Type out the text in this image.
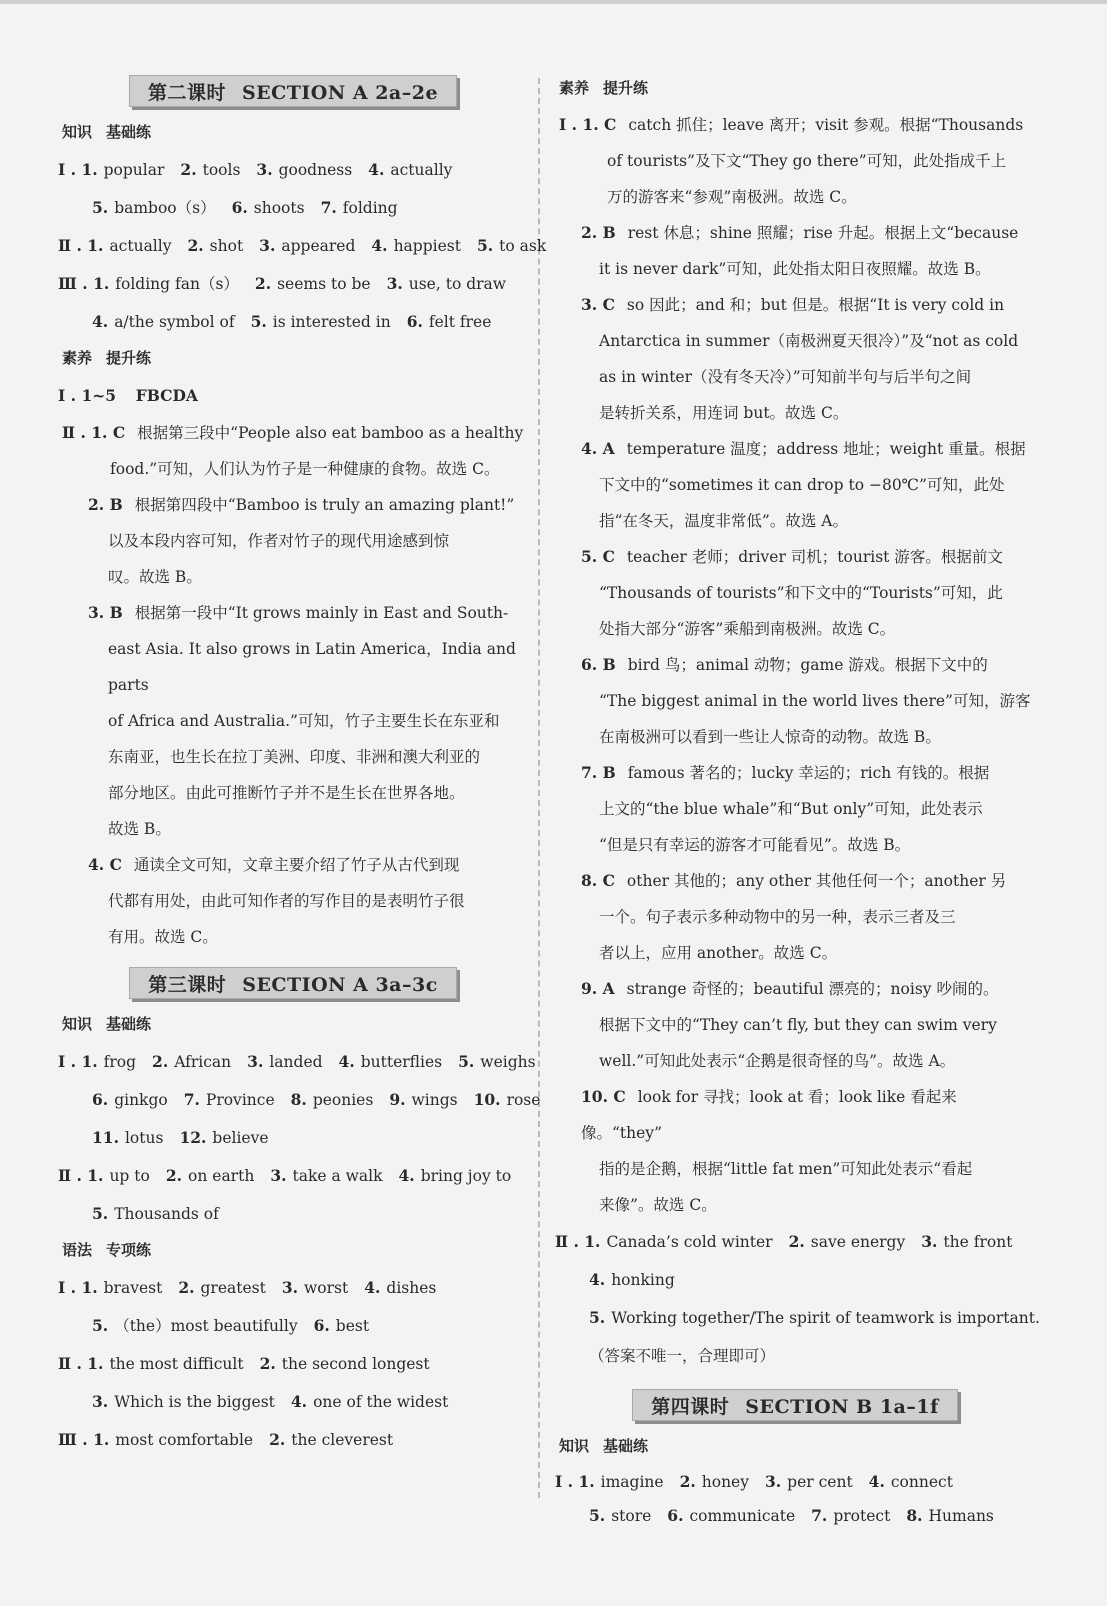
第二课时 SECTION A 2a–2e
知识 基础练
Ⅰ . 1. popular 2. tools 3. goodness 4. actually
5. bamboo（s） 6. shoots 7. folding
Ⅱ . 1. actually 2. shot 3. appeared 4. happiest 5. to ask
Ⅲ . 1. folding fan（s） 2. seems to be 3. use, to draw
4. a/the symbol of 5. is interested in 6. felt free
素养 提升练
Ⅰ . 1~5 FBCDA
Ⅱ . 1. C 根据第三段中“People also eat bamboo as a healthy
food.”可知，人们认为竹子是一种健康的食物。故选 C。
2. B 根据第四段中“Bamboo is truly an amazing plant!”
以及本段内容可知，作者对竹子的现代用途感到惊
叹。故选 B。
3. B 根据第一段中“It grows mainly in East and South-
east Asia. It also grows in Latin America，India and parts
of Africa and Australia.”可知，竹子主要生长在东亚和
东南亚，也生长在拉丁美洲、印度、非洲和澳大利亚的
部分地区。由此可推断竹子并不是生长在世界各地。
故选 B。
4. C 通读全文可知，文章主要介绍了竹子从古代到现
代都有用处，由此可知作者的写作目的是表明竹子很
有用。故选 C。
第三课时 SECTION A 3a–3c
知识 基础练
Ⅰ . 1. frog 2. African 3. landed 4. butterflies 5. weighs
6. ginkgo 7. Province 8. peonies 9. wings 10. rose
11. lotus 12. believe
Ⅱ . 1. up to 2. on earth 3. take a walk 4. bring joy to
5. Thousands of
语法 专项练
Ⅰ . 1. bravest 2. greatest 3. worst 4. dishes
5. （the）most beautifully 6. best
Ⅱ . 1. the most difficult 2. the second longest
3. Which is the biggest 4. one of the widest
Ⅲ . 1. most comfortable 2. the cleverest
素养 提升练
Ⅰ . 1. C catch 抓住；leave 离开；visit 参观。根据“Thousands
of tourists”及下文“They go there”可知，此处指成千上
万的游客来“参观”南极洲。故选 C。
2. B rest 休息；shine 照耀；rise 升起。根据上文“because
it is never dark”可知，此处指太阳日夜照耀。故选 B。
3. C so 因此；and 和；but 但是。根据“It is very cold in
Antarctica in summer（南极洲夏天很冷）”及“not as cold
as in winter（没有冬天冷）”可知前半句与后半句之间
是转折关系，用连词 but。故选 C。
4. A temperature 温度；address 地址；weight 重量。根据
下文中的“sometimes it can drop to −80℃”可知，此处
指“在冬天，温度非常低”。故选 A。
5. C teacher 老师；driver 司机；tourist 游客。根据前文
“Thousands of tourists”和下文中的“Tourists”可知，此
处指大部分“游客”乘船到南极洲。故选 C。
6. B bird 鸟；animal 动物；game 游戏。根据下文中的
“The biggest animal in the world lives there”可知，游客
在南极洲可以看到一些让人惊奇的动物。故选 B。
7. B famous 著名的；lucky 幸运的；rich 有钱的。根据
上文的“the blue whale”和“But only”可知，此处表示
“但是只有幸运的游客才可能看见”。故选 B。
8. C other 其他的；any other 其他任何一个；another 另
一个。句子表示多种动物中的另一种，表示三者及三
者以上，应用 another。故选 C。
9. A strange 奇怪的；beautiful 漂亮的；noisy 吵闹的。
根据下文中的“They can’t fly, but they can swim very
well.”可知此处表示“企鹅是很奇怪的鸟”。故选 A。
10. C look for 寻找；look at 看；look like 看起来像。“they”
指的是企鹅，根据“little fat men”可知此处表示“看起
来像”。故选 C。
Ⅱ . 1. Canada’s cold winter 2. save energy 3. the front
4. honking
5. Working together/The spirit of teamwork is important.
（答案不唯一，合理即可）
第四课时 SECTION B 1a–1f
知识 基础练
Ⅰ . 1. imagine 2. honey 3. per cent 4. connect
5. store 6. communicate 7. protect 8. Humans
